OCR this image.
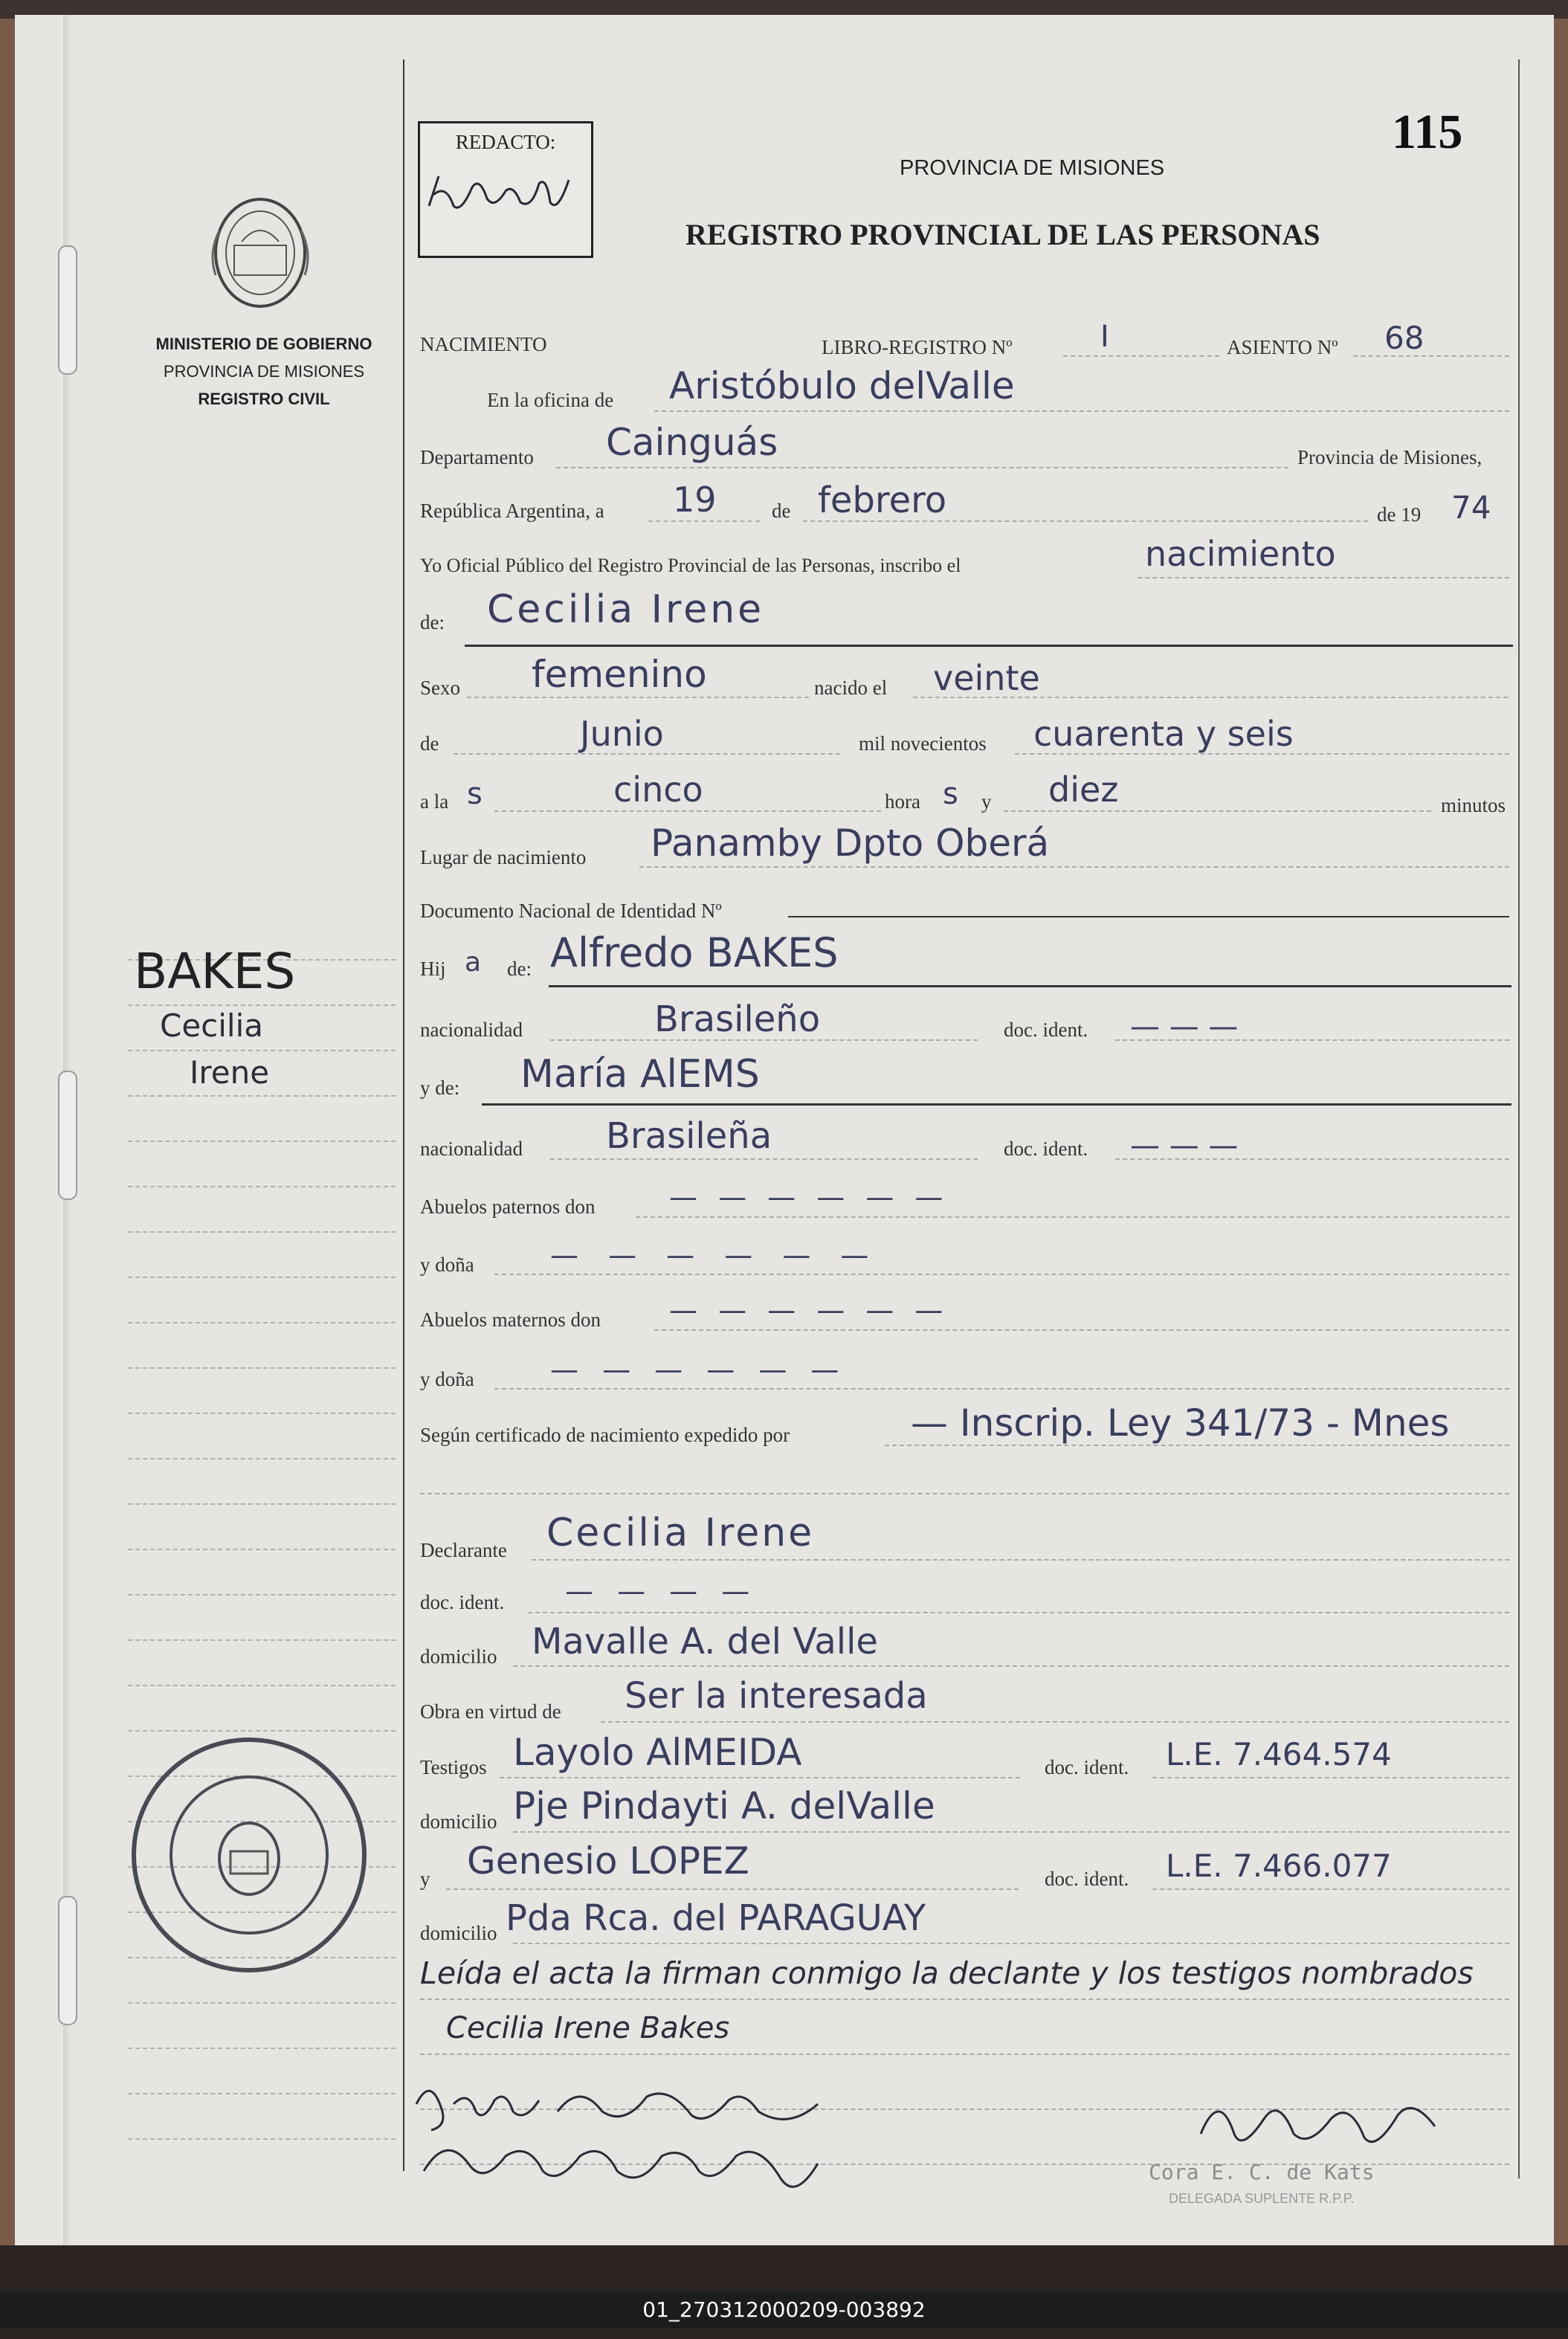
MINISTERIO DE GOBIERNO
PROVINCIA DE MISIONES
REGISTRO CIVIL
BAKES
Cecilia
Irene
REDACTO:
PROVINCIA DE MISIONES
REGISTRO PROVINCIAL DE LAS PERSONAS
115
NACIMIENTO	LIBRO-REGISTRO Nº	I	ASIENTO Nº 68
En la oficina de Aristóbulo delValle
Departamento Cainguás	Provincia de Misiones,
República Argentina, a 19	de febrero	de 19 74
Yo Oficial Público del Registro Provincial de las Personas, inscribo el	nacimiento
de: Cecilia Irene
Sexo femenino	nacido el veinte
de	Junio	mil novecientos cuarenta y seis
a la s	cinco	hora s y diez	minutos
Lugar de nacimiento Panamby Dpto Oberá
Documento Nacional de Identidad Nº
Hij a de: Alfredo BAKES
nacionalidad	Brasileño	doc. ident. — — —
y de: María AlEMS
nacionalidad Brasileña	doc. ident. — — —
Abuelos paternos don	— — — — — —
y doña	— — — — — —
Abuelos maternos don — — — — — —
y doña	— — — — — —
Según certificado de nacimiento expedido por	— Inscrip. Ley 341/73 - Mnes
Declarante Cecilia Irene
doc. ident. — — — —
domicilio Mavalle A. del Valle
Obra en virtud de Ser la interesada
Testigos Layolo AlMEIDA	doc. ident. L.E. 7.464.574
domicilio Pje Pindayti A. delValle
y Genesio LOPEZ	doc. ident. L.E. 7.466.077
domicilio Pda Rca. del PARAGUAY
Leída el acta la firman conmigo la declante y los testigos nombrados
Cecilia Irene Bakes
Cora E. C. de Kats
DELEGADA SUPLENTE R.P.P.
01_270312000209-003892
